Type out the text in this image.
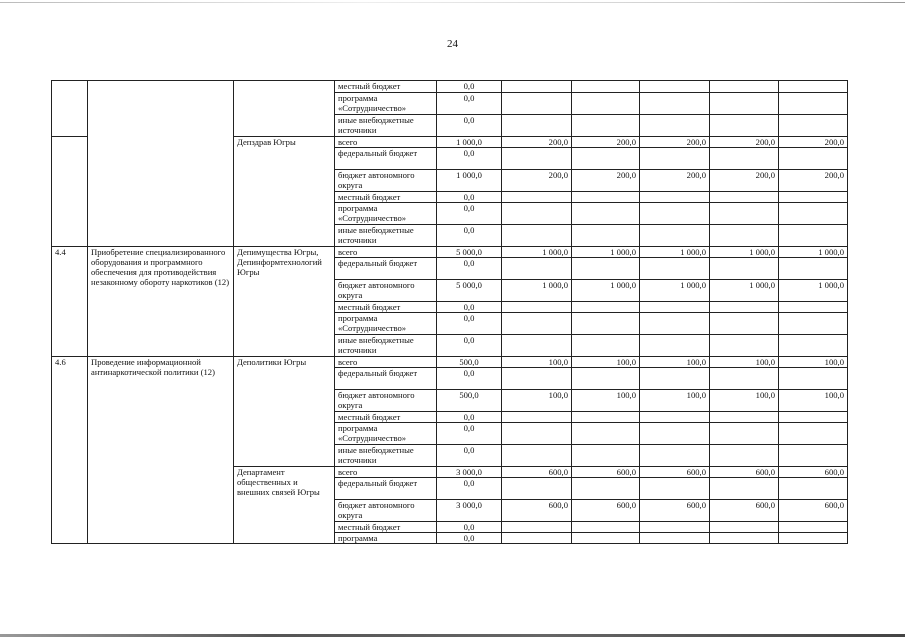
24
			местный бюджет	0,0					
			программа «Сотрудничество»	0,0					
			иные внебюджетные источники	0,0					
		Депздрав Югры	всего	1 000,0	200,0	200,0	200,0	200,0	200,0
			федеральный бюджет	0,0					
			бюджет автономного округа	1 000,0	200,0	200,0	200,0	200,0	200,0
			местный бюджет	0,0					
			программа «Сотрудничество»	0,0					
			иные внебюджетные источники	0,0					
4.4	Приобретение специализированного оборудования и программного обеспечения для противодействия незаконному обороту наркотиков (12)	Депимущества Югры, Депинформтехнологий Югры	всего	5 000,0	1 000,0	1 000,0	1 000,0	1 000,0	1 000,0
			федеральный бюджет	0,0					
			бюджет автономного округа	5 000,0	1 000,0	1 000,0	1 000,0	1 000,0	1 000,0
			местный бюджет	0,0					
			программа «Сотрудничество»	0,0					
			иные внебюджетные источники	0,0					
4.6	Проведение информационной антинаркотической политики (12)	Деполитики Югры	всего	500,0	100,0	100,0	100,0	100,0	100,0
			федеральный бюджет	0,0					
			бюджет автономного округа	500,0	100,0	100,0	100,0	100,0	100,0
			местный бюджет	0,0					
			программа «Сотрудничество»	0,0					
			иные внебюджетные источники	0,0					
		Департамент общественных и внешних связей Югры	всего	3 000,0	600,0	600,0	600,0	600,0	600,0
			федеральный бюджет	0,0					
			бюджет автономного округа	3 000,0	600,0	600,0	600,0	600,0	600,0
			местный бюджет	0,0					
			программа	0,0					
